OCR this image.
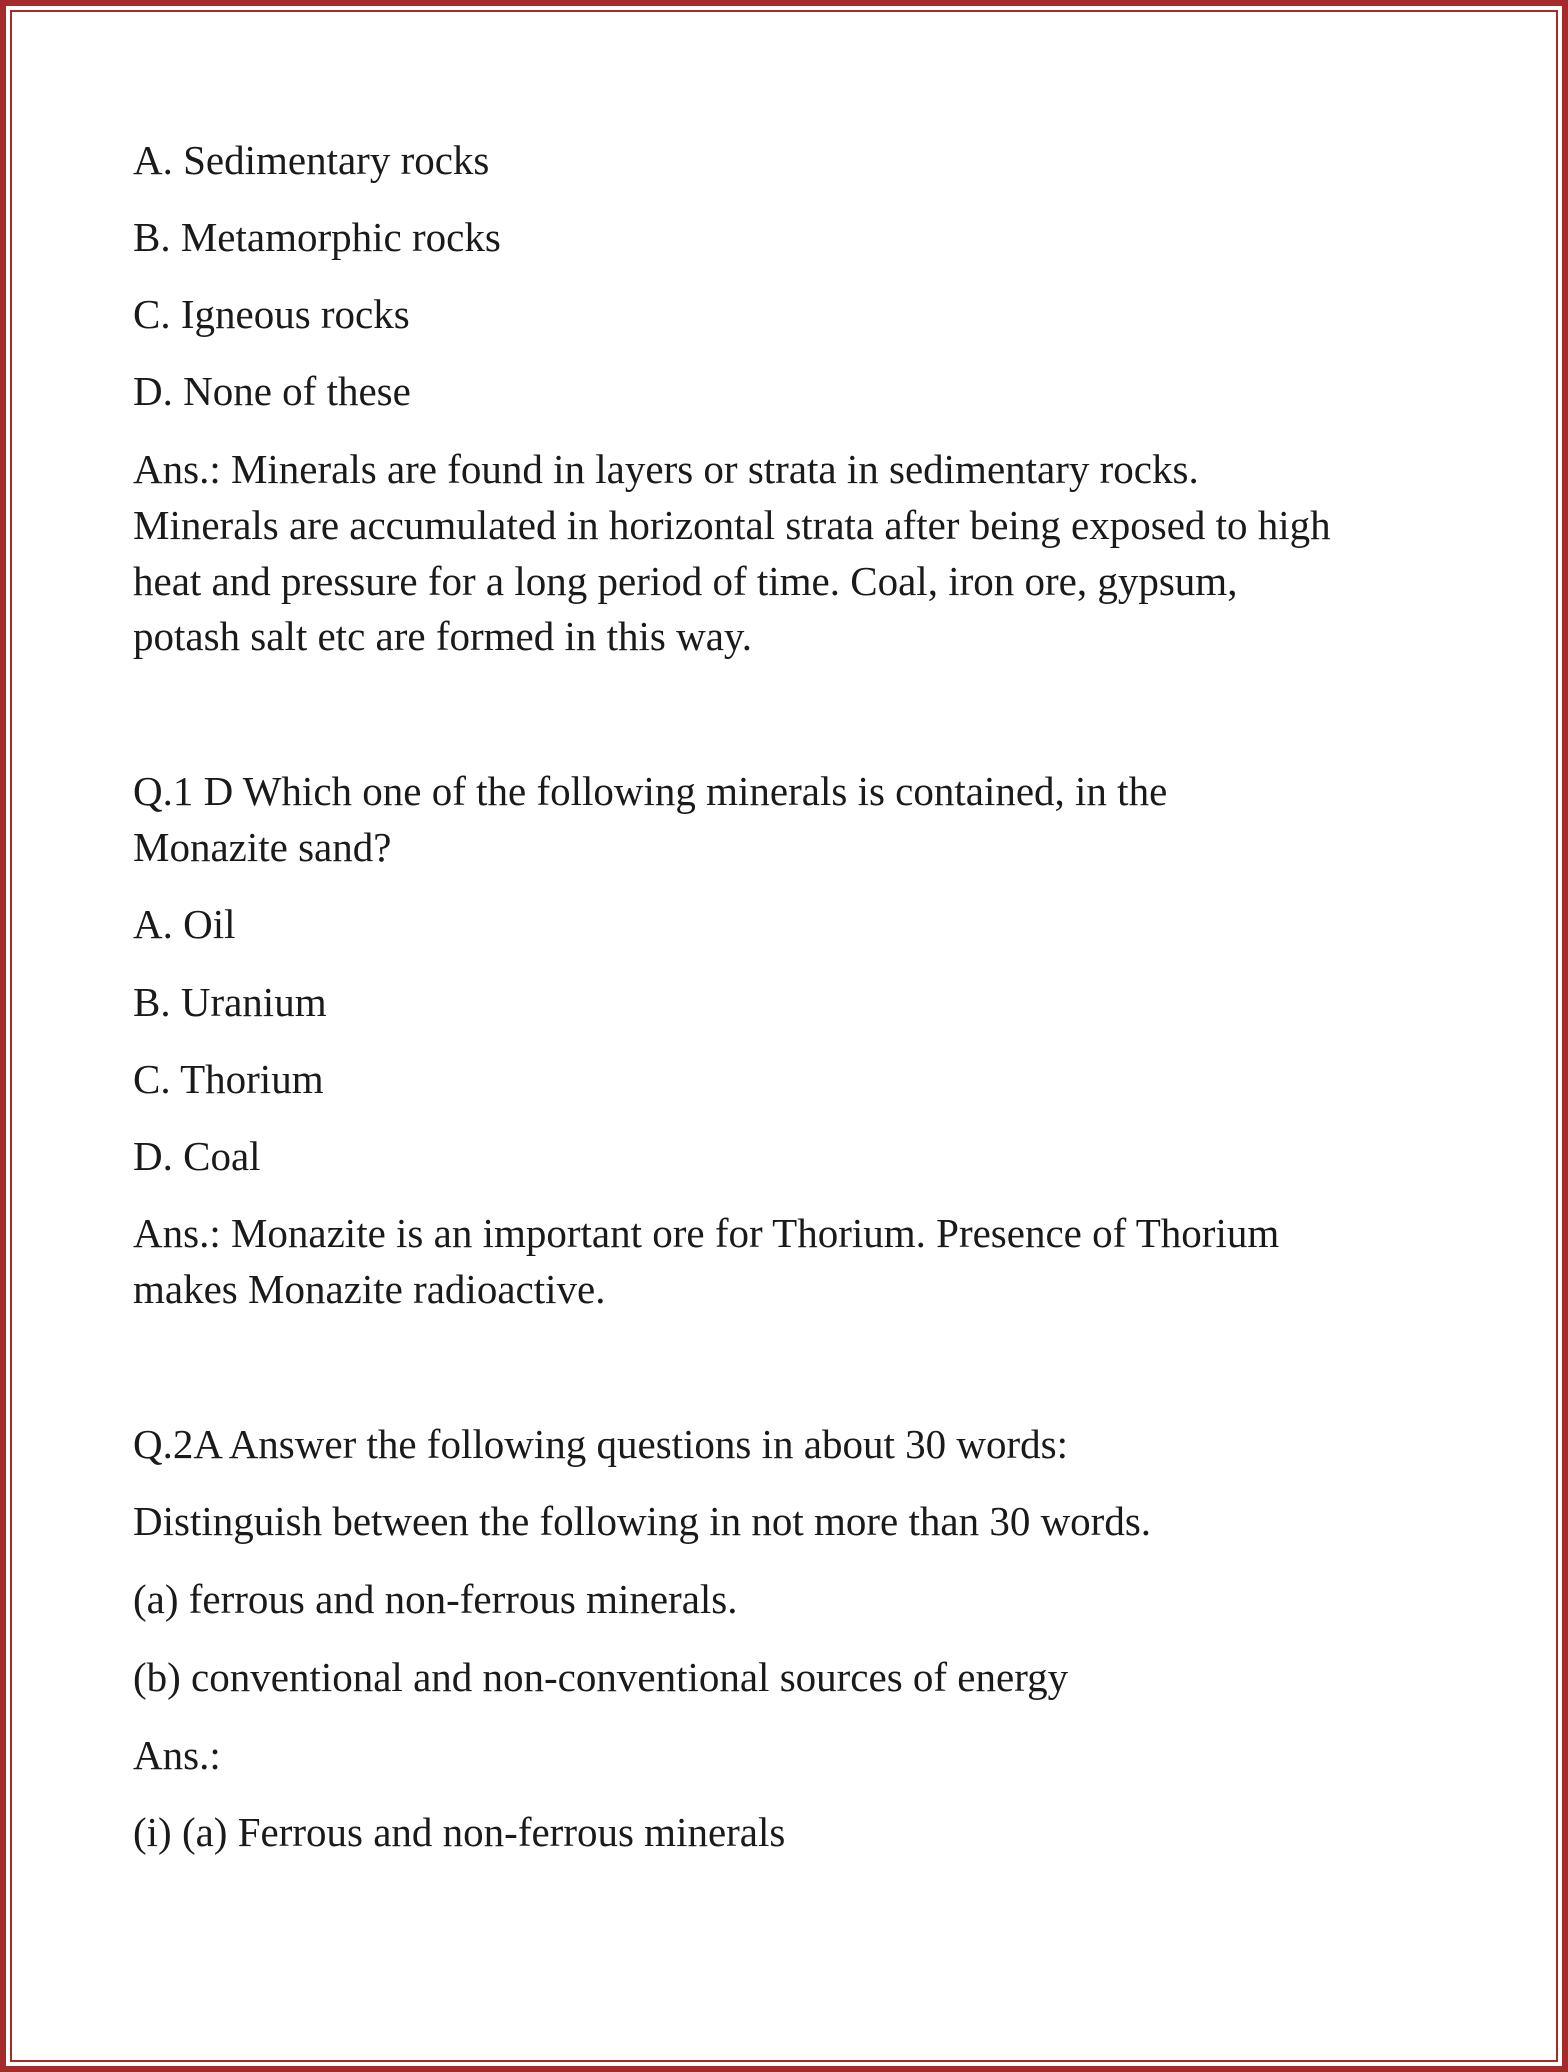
A. Sedimentary rocks
B. Metamorphic rocks
C. Igneous rocks
D. None of these
Ans.: Minerals are found in layers or strata in sedimentary rocks.
Minerals are accumulated in horizontal strata after being exposed to high
heat and pressure for a long period of time. Coal, iron ore, gypsum,
potash salt etc are formed in this way.
Q.1 D Which one of the following minerals is contained, in the
Monazite sand?
A. Oil
B. Uranium
C. Thorium
D. Coal
Ans.: Monazite is an important ore for Thorium. Presence of Thorium
makes Monazite radioactive.
Q.2A Answer the following questions in about 30 words:
Distinguish between the following in not more than 30 words.
(a) ferrous and non-ferrous minerals.
(b) conventional and non-conventional sources of energy
Ans.:
(i) (a) Ferrous and non-ferrous minerals
